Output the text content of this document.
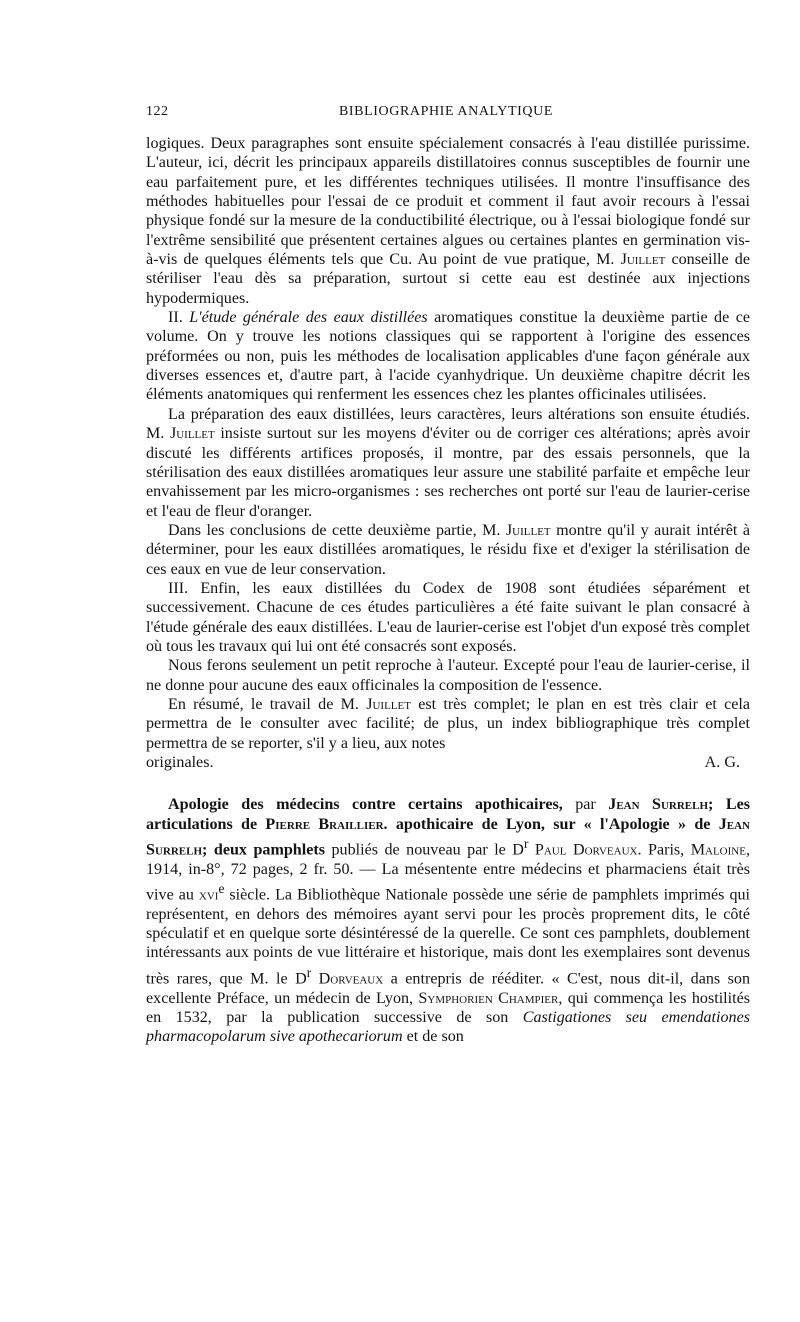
122	BIBLIOGRAPHIE ANALYTIQUE

logiques. Deux paragraphes sont ensuite spécialement consacrés à l'eau distillée purissime. L'auteur, ici, décrit les principaux appareils distillatoires connus susceptibles de fournir une eau parfaitement pure, et les différentes techniques utilisées. Il montre l'insuffisance des méthodes habituelles pour l'essai de ce produit et comment il faut avoir recours à l'essai physique fondé sur la mesure de la conductibilité électrique, ou à l'essai biologique fondé sur l'extrême sensibilité que présentent certaines algues ou certaines plantes en germination vis-à-vis de quelques éléments tels que Cu. Au point de vue pratique, M. Juillet conseille de stériliser l'eau dès sa préparation, surtout si cette eau est destinée aux injections hypodermiques.

II. L'étude générale des eaux distillées aromatiques constitue la deuxième partie de ce volume. On y trouve les notions classiques qui se rapportent à l'origine des essences préformées ou non, puis les méthodes de localisation applicables d'une façon générale aux diverses essences et, d'autre part, à l'acide cyanhydrique. Un deuxième chapitre décrit les éléments anatomiques qui renferment les essences chez les plantes officinales utilisées.

La préparation des eaux distillées, leurs caractères, leurs altérations son ensuite étudiés. M. Juillet insiste surtout sur les moyens d'éviter ou de corriger ces altérations; après avoir discuté les différents artifices proposés, il montre, par des essais personnels, que la stérilisation des eaux distillées aromatiques leur assure une stabilité parfaite et empêche leur envahissement par les micro-organismes : ses recherches ont porté sur l'eau de laurier-cerise et l'eau de fleur d'oranger.

Dans les conclusions de cette deuxième partie, M. Juillet montre qu'il y aurait intérêt à déterminer, pour les eaux distillées aromatiques, le résidu fixe et d'exiger la stérilisation de ces eaux en vue de leur conservation.

III. Enfin, les eaux distillées du Codex de 1908 sont étudiées séparément et successivement. Chacune de ces études particulières a été faite suivant le plan consacré à l'étude générale des eaux distillées. L'eau de laurier-cerise est l'objet d'un exposé très complet où tous les travaux qui lui ont été consacrés sont exposés.

Nous ferons seulement un petit reproche à l'auteur. Excepté pour l'eau de laurier-cerise, il ne donne pour aucune des eaux officinales la composition de l'essence.

En résumé, le travail de M. Juillet est très complet; le plan en est très clair et cela permettra de le consulter avec facilité; de plus, un index bibliographique très complet permettra de se reporter, s'il y a lieu, aux notes

originales.	A. G.

Apologie des médecins contre certains apothicaires, par Jean Surrelh; Les articulations de Pierre Braillier. apothicaire de Lyon, sur « l'Apologie » de Jean Surrelh; deux pamphlets publiés de nouveau par le $D^r$ Paul Dorveaux. Paris, Maloine, 1914, in-8°, 72 pages, 2 fr. 50. — La mésentente entre médecins et pharmaciens était très vive au xvi$^e$ siècle. La Bibliothèque Nationale possède une série de pamphlets imprimés qui représentent, en dehors des mémoires ayant servi pour les procès proprement dits, le côté spéculatif et en quelque sorte désintéressé de la querelle. Ce sont ces pamphlets, doublement intéressants aux points de vue littéraire et historique, mais dont les exemplaires sont devenus très rares, que M. le $D^r$ Dorveaux a entrepris de rééditer. « C'est, nous dit-il, dans son excellente Préface, un médecin de Lyon, Symphorien Champier, qui commença les hostilités en 1532, par la publication successive de son Castigationes seu emendationes pharmacopolarum sive apothecariorum et de son
